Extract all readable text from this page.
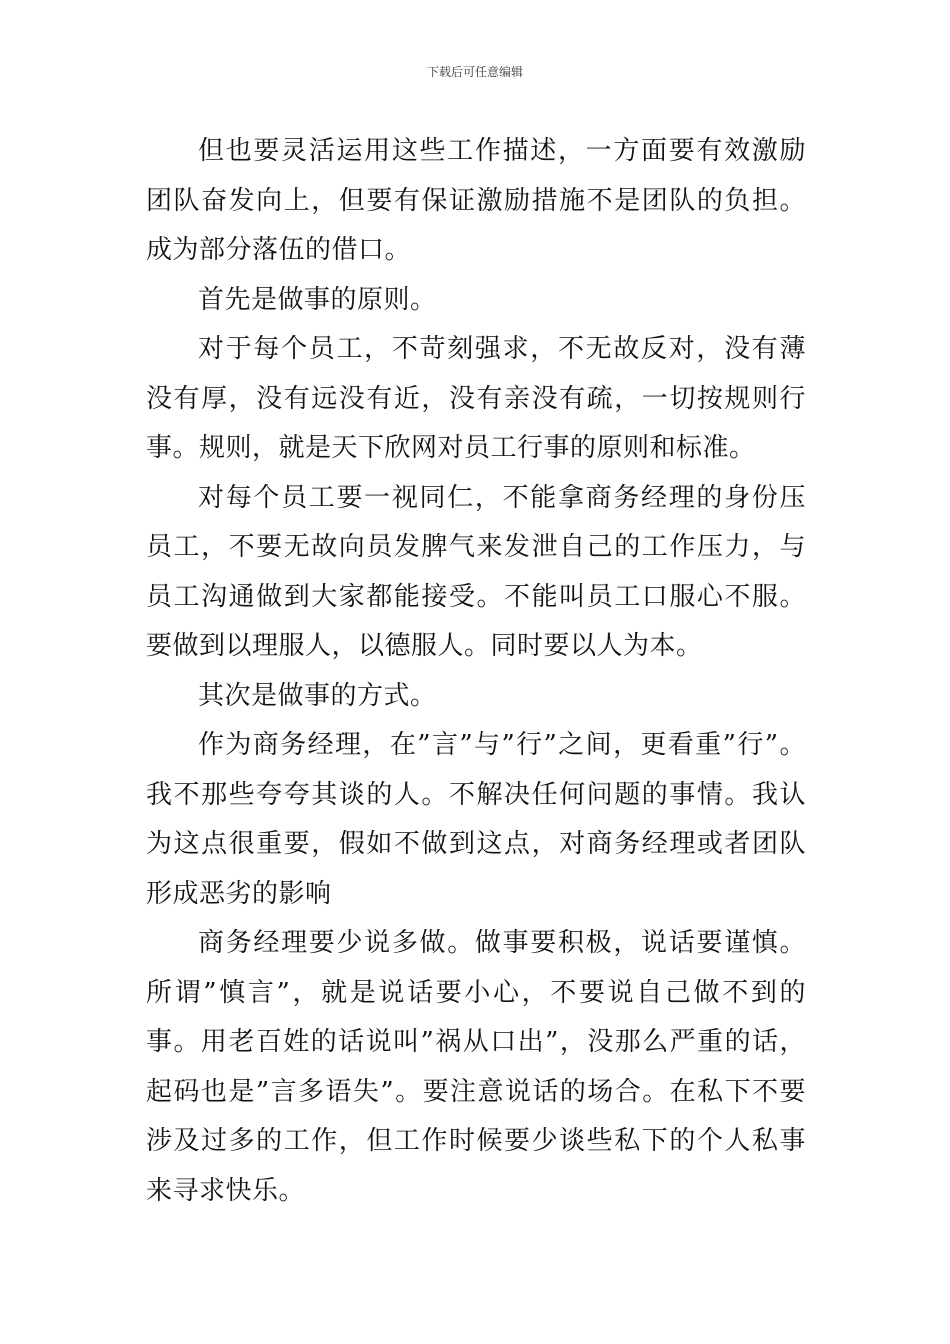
下载后可任意编辑

但也要灵活运用这些工作描述，一方面要有效激励团队奋发向上，但要有保证激励措施不是团队的负担。成为部分落伍的借口。

首先是做事的原则。

对于每个员工，不苛刻强求，不无故反对，没有薄没有厚，没有远没有近，没有亲没有疏，一切按规则行事。规则，就是天下欣网对员工行事的原则和标准。

对每个员工要一视同仁，不能拿商务经理的身份压员工，不要无故向员发脾气来发泄自己的工作压力，与员工沟通做到大家都能接受。不能叫员工口服心不服。要做到以理服人，以德服人。同时要以人为本。

其次是做事的方式。

作为商务经理，在”言”与”行”之间，更看重”行”。我不那些夸夸其谈的人。不解决任何问题的事情。我认为这点很重要，假如不做到这点，对商务经理或者团队形成恶劣的影响

商务经理要少说多做。做事要积极，说话要谨慎。所谓”慎言”，就是说话要小心，不要说自己做不到的事。用老百姓的话说叫”祸从口出”，没那么严重的话，起码也是”言多语失”。要注意说话的场合。在私下不要涉及过多的工作，但工作时候要少谈些私下的个人私事来寻求快乐。
